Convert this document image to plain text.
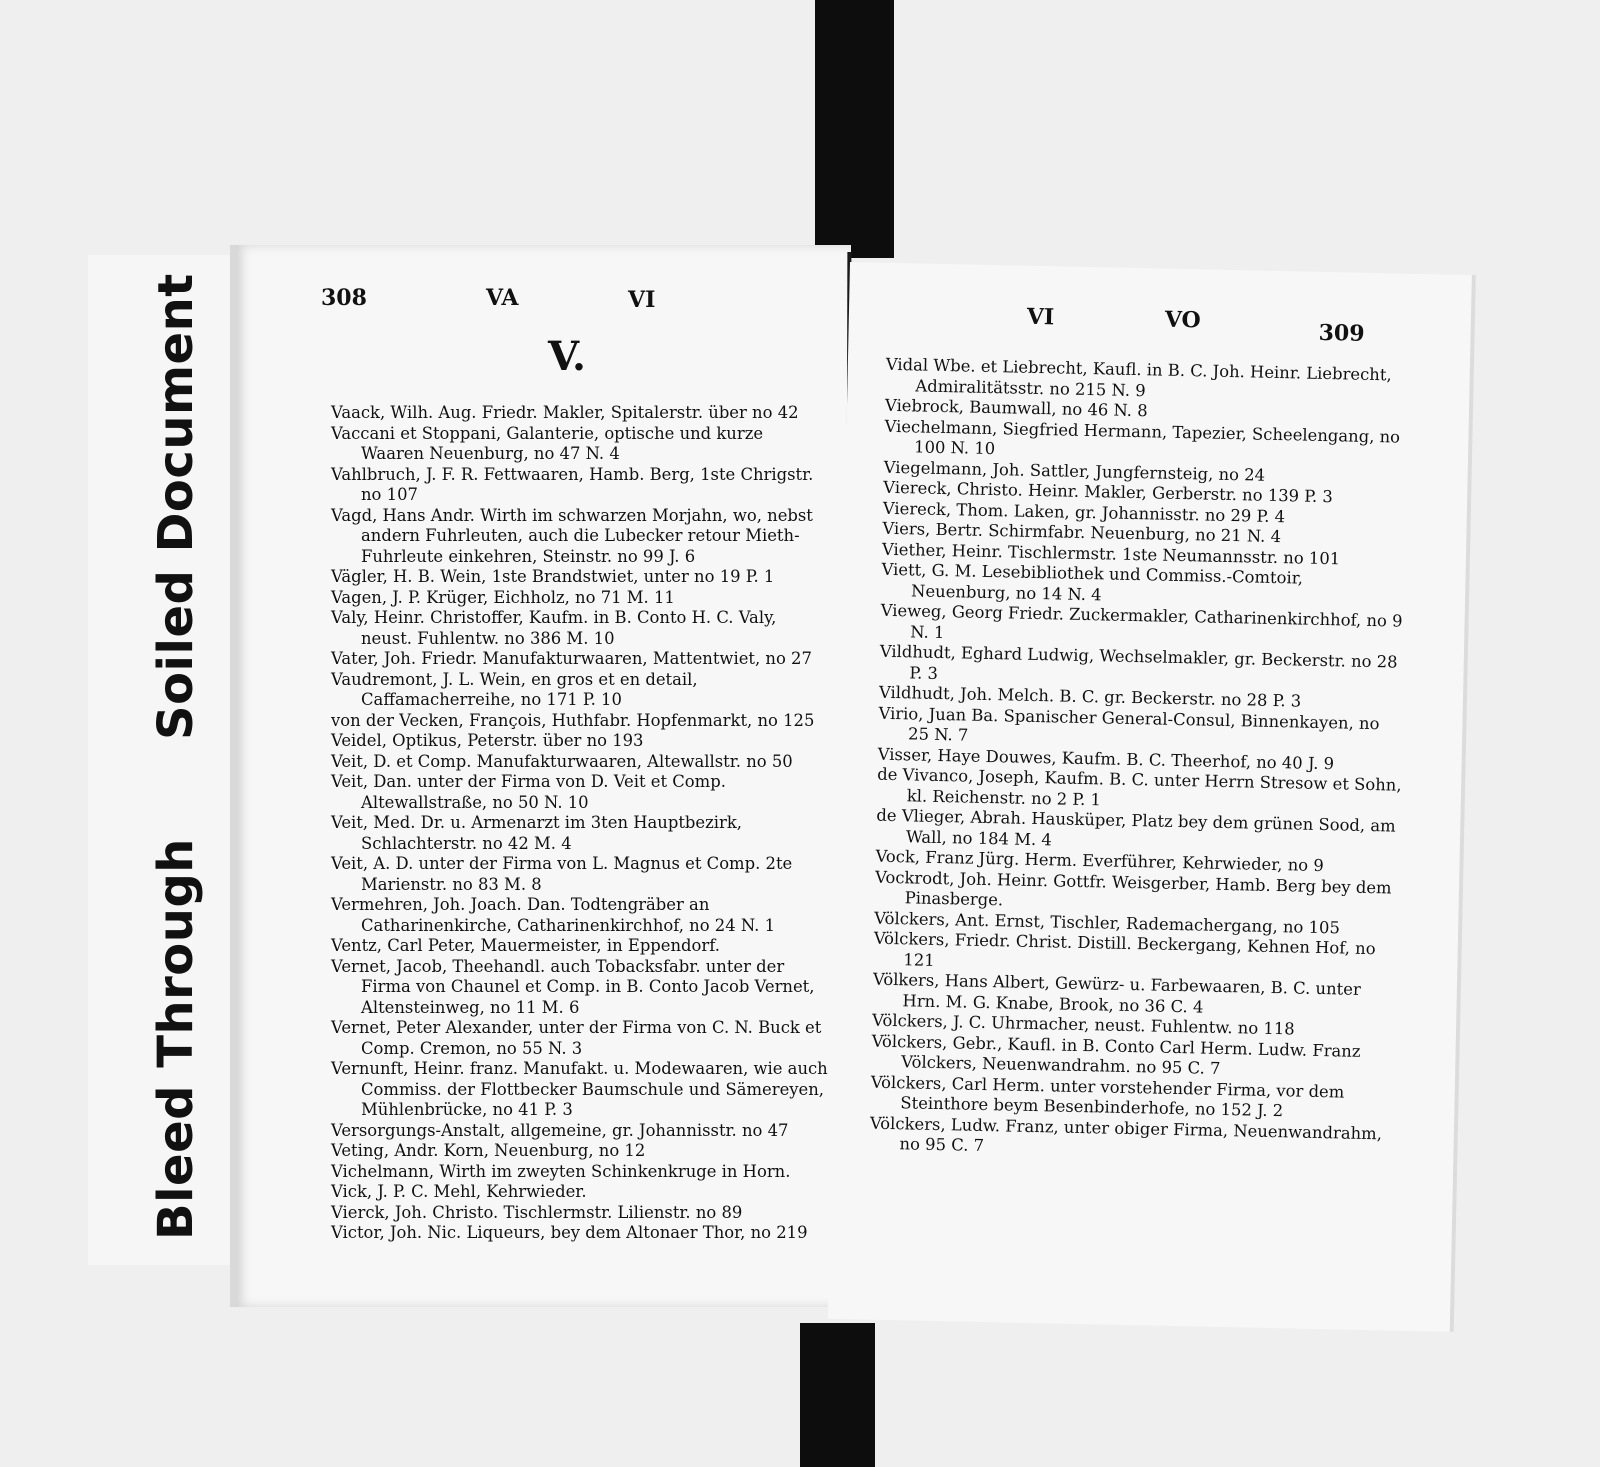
Bleed ThroughSoiled Document	308	VA	VI
V.
Vaack, Wilh. Aug. Friedr. Makler, Spitalerstr. über no 42
Vaccani et Stoppani, Galanterie, optische und kurze Waaren Neuenburg, no 47 N. 4
Vahlbruch, J. F. R. Fettwaaren, Hamb. Berg, 1ste Chrigstr. no 107
Vagd, Hans Andr. Wirth im schwarzen Morjahn, wo, nebst andern Fuhrleuten, auch die Lubecker retour Mieth-Fuhrleute einkehren, Steinstr. no 99 J. 6
Vägler, H. B. Wein, 1ste Brandstwiet, unter no 19 P. 1
Vagen, J. P. Krüger, Eichholz, no 71 M. 11
Valy, Heinr. Christoffer, Kaufm. in B. Conto H. C. Valy, neust. Fuhlentw. no 386 M. 10
Vater, Joh. Friedr. Manufakturwaaren, Mattentwiet, no 27
Vaudremont, J. L. Wein, en gros et en detail, Caffamacherreihe, no 171 P. 10
von der Vecken, François, Huthfabr. Hopfenmarkt, no 125
Veidel, Optikus, Peterstr. über no 193
Veit, D. et Comp. Manufakturwaaren, Altewallstr. no 50
Veit, Dan. unter der Firma von D. Veit et Comp. Altewallstraße, no 50 N. 10
Veit, Med. Dr. u. Armenarzt im 3ten Hauptbezirk, Schlachterstr. no 42 M. 4
Veit, A. D. unter der Firma von L. Magnus et Comp. 2te Marienstr. no 83 M. 8
Vermehren, Joh. Joach. Dan. Todtengräber an Catharinenkirche, Catharinenkirchhof, no 24 N. 1
Ventz, Carl Peter, Mauermeister, in Eppendorf.
Vernet, Jacob, Theehandl. auch Tobacksfabr. unter der Firma von Chaunel et Comp. in B. Conto Jacob Vernet, Altensteinweg, no 11 M. 6
Vernet, Peter Alexander, unter der Firma von C. N. Buck et Comp. Cremon, no 55 N. 3
Vernunft, Heinr. franz. Manufakt. u. Modewaaren, wie auch Commiss. der Flottbecker Baumschule und Sämereyen, Mühlenbrücke, no 41 P. 3
Versorgungs-Anstalt, allgemeine, gr. Johannisstr. no 47
Veting, Andr. Korn, Neuenburg, no 12
Vichelmann, Wirth im zweyten Schinkenkruge in Horn.
Vick, J. P. C. Mehl, Kehrwieder.
Vierck, Joh. Christo. Tischlermstr. Lilienstr. no 89
Victor, Joh. Nic. Liqueurs, bey dem Altonaer Thor, no 219
VI	VO	309
Vidal Wbe. et Liebrecht, Kaufl. in B. C. Joh. Heinr. Liebrecht, Admiralitätsstr. no 215 N. 9
Viebrock, Baumwall, no 46 N. 8
Viechelmann, Siegfried Hermann, Tapezier, Scheelengang, no 100 N. 10
Viegelmann, Joh. Sattler, Jungfernsteig, no 24
Viereck, Christo. Heinr. Makler, Gerberstr. no 139 P. 3
Viereck, Thom. Laken, gr. Johannisstr. no 29 P. 4
Viers, Bertr. Schirmfabr. Neuenburg, no 21 N. 4
Viether, Heinr. Tischlermstr. 1ste Neumannsstr. no 101
Viett, G. M. Lesebibliothek und Commiss.-Comtoir, Neuenburg, no 14 N. 4
Vieweg, Georg Friedr. Zuckermakler, Catharinenkirchhof, no 9 N. 1
Vildhudt, Eghard Ludwig, Wechselmakler, gr. Beckerstr. no 28 P. 3
Vildhudt, Joh. Melch. B. C. gr. Beckerstr. no 28 P. 3
Virio, Juan Ba. Spanischer General-Consul, Binnenkayen, no 25 N. 7
Visser, Haye Douwes, Kaufm. B. C. Theerhof, no 40 J. 9
de Vivanco, Joseph, Kaufm. B. C. unter Herrn Stresow et Sohn, kl. Reichenstr. no 2 P. 1
de Vlieger, Abrah. Hausküper, Platz bey dem grünen Sood, am Wall, no 184 M. 4
Vock, Franz Jürg. Herm. Everführer, Kehrwieder, no 9
Vockrodt, Joh. Heinr. Gottfr. Weisgerber, Hamb. Berg bey dem Pinasberge.
Völckers, Ant. Ernst, Tischler, Rademachergang, no 105
Völckers, Friedr. Christ. Distill. Beckergang, Kehnen Hof, no 121
Völkers, Hans Albert, Gewürz- u. Farbewaaren, B. C. unter Hrn. M. G. Knabe, Brook, no 36 C. 4
Völckers, J. C. Uhrmacher, neust. Fuhlentw. no 118
Völckers, Gebr., Kaufl. in B. Conto Carl Herm. Ludw. Franz Völckers, Neuenwandrahm. no 95 C. 7
Völckers, Carl Herm. unter vorstehender Firma, vor dem Steinthore beym Besenbinderhofe, no 152 J. 2
Völckers, Ludw. Franz, unter obiger Firma, Neuenwandrahm, no 95 C. 7
